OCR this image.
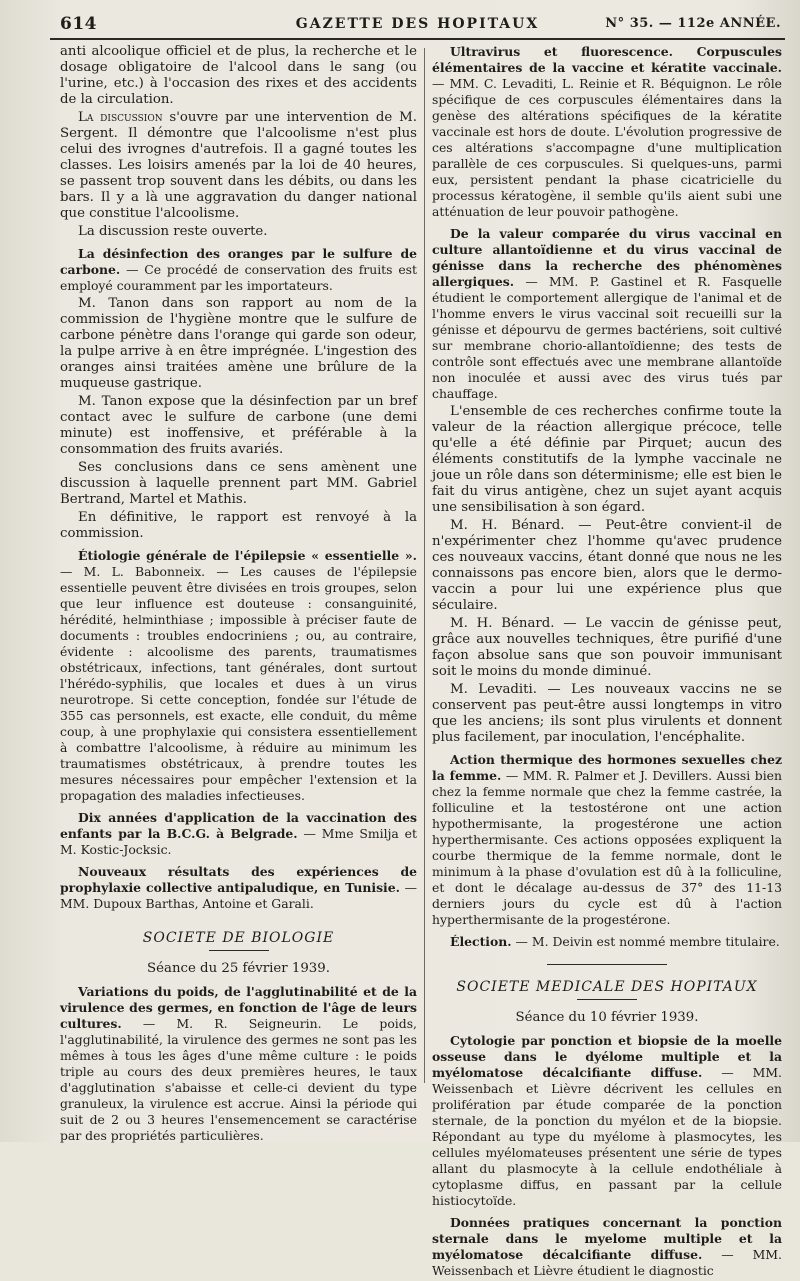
614	GAZETTE DES HOPITAUX	N° 35. — 112e ANNÉE.

anti alcoolique officiel et de plus, la recherche et le dosage obligatoire de l'alcool dans le sang (ou l'urine, etc.) à l'occasion des rixes et des accidents de la circulation.

La discussion s'ouvre par une intervention de M. Sergent. Il démontre que l'alcoolisme n'est plus celui des ivrognes d'autrefois. Il a gagné toutes les classes. Les loisirs amenés par la loi de 40 heures, se passent trop souvent dans les débits, ou dans les bars. Il y a là une aggravation du danger national que constitue l'alcoolisme.

La discussion reste ouverte.

La désinfection des oranges par le sulfure de carbone. — Ce procédé de conservation des fruits est employé couramment par les importateurs.

M. Tanon dans son rapport au nom de la commission de l'hygiène montre que le sulfure de carbone pénètre dans l'orange qui garde son odeur, la pulpe arrive à en être imprégnée. L'ingestion des oranges ainsi traitées amène une brûlure de la muqueuse gastrique.

M. Tanon expose que la désinfection par un bref contact avec le sulfure de carbone (une demi minute) est inoffensive, et préférable à la consommation des fruits avariés.

Ses conclusions dans ce sens amènent une discussion à laquelle prennent part MM. Gabriel Bertrand, Martel et Mathis.

En définitive, le rapport est renvoyé à la commission.

Étiologie générale de l'épilepsie « essentielle ». — M. L. Babonneix. — Les causes de l'épilepsie essentielle peuvent être divisées en trois groupes, selon que leur influence est douteuse : consanguinité, hérédité, helminthiase ; impossible à préciser faute de documents : troubles endocriniens ; ou, au contraire, évidente : alcoolisme des parents, traumatismes obstétricaux, infections, tant générales, dont surtout l'hérédo-syphilis, que locales et dues à un virus neurotrope. Si cette conception, fondée sur l'étude de 355 cas personnels, est exacte, elle conduit, du même coup, à une prophylaxie qui consistera essentiellement à combattre l'alcoolisme, à réduire au minimum les traumatismes obstétricaux, à prendre toutes les mesures nécessaires pour empêcher l'extension et la propagation des maladies infectieuses.

Dix années d'application de la vaccination des enfants par la B.C.G. à Belgrade. — Mme Smilja et M. Kostic-Jocksic.

Nouveaux résultats des expériences de prophylaxie collective antipaludique, en Tunisie. — MM. Dupoux Barthas, Antoine et Garali.

SOCIETE DE BIOLOGIE
Séance du 25 février 1939.

Variations du poids, de l'agglutinabilité et de la virulence des germes, en fonction de l'âge de leurs cultures. — M. R. Seigneurin. Le poids, l'agglutinabilité, la virulence des germes ne sont pas les mêmes à tous les âges d'une même culture : le poids triple au cours des deux premières heures, le taux d'agglutination s'abaisse et celle-ci devient du type granuleux, la virulence est accrue. Ainsi la période qui suit de 2 ou 3 heures l'ensemencement se caractérise par des propriétés particulières.

Ultravirus et fluorescence. Corpuscules élémentaires de la vaccine et kératite vaccinale. — MM. C. Levaditi, L. Reinie et R. Béquignon. Le rôle spécifique de ces corpuscules élémentaires dans la genèse des altérations spécifiques de la kératite vaccinale est hors de doute. L'évolution progressive de ces altérations s'accompagne d'une multiplication parallèle de ces corpuscules. Si quelques-uns, parmi eux, persistent pendant la phase cicatricielle du processus kératogène, il semble qu'ils aient subi une atténuation de leur pouvoir pathogène.

De la valeur comparée du virus vaccinal en culture allantoïdienne et du virus vaccinal de génisse dans la recherche des phénomènes allergiques. — MM. P. Gastinel et R. Fasquelle étudient le comportement allergique de l'animal et de l'homme envers le virus vaccinal soit recueilli sur la génisse et dépourvu de germes bactériens, soit cultivé sur membrane chorio-allantoïdienne; des tests de contrôle sont effectués avec une membrane allantoïde non inoculée et aussi avec des virus tués par chauffage.

L'ensemble de ces recherches confirme toute la valeur de la réaction allergique précoce, telle qu'elle a été définie par Pirquet; aucun des éléments constitutifs de la lymphe vaccinale ne joue un rôle dans son déterminisme; elle est bien le fait du virus antigène, chez un sujet ayant acquis une sensibilisation à son égard.

M. H. Bénard. — Peut-être convient-il de n'expérimenter chez l'homme qu'avec prudence ces nouveaux vaccins, étant donné que nous ne les connaissons pas encore bien, alors que le dermo-vaccin a pour lui une expérience plus que séculaire.

M. H. Bénard. — Le vaccin de génisse peut, grâce aux nouvelles techniques, être purifié d'une façon absolue sans que son pouvoir immunisant soit le moins du monde diminué.

M. Levaditi. — Les nouveaux vaccins ne se conservent pas peut-être aussi longtemps in vitro que les anciens; ils sont plus virulents et donnent plus facilement, par inoculation, l'encéphalite.

Action thermique des hormones sexuelles chez la femme. — MM. R. Palmer et J. Devillers. Aussi bien chez la femme normale que chez la femme castrée, la folliculine et la testostérone ont une action hypothermisante, la progestérone une action hyperthermisante. Ces actions opposées expliquent la courbe thermique de la femme normale, dont le minimum à la phase d'ovulation est dû à la folliculine, et dont le décalage au-dessus de 37° des 11-13 derniers jours du cycle est dû à l'action hyperthermisante de la progestérone.

Élection. — M. Deivin est nommé membre titulaire.

SOCIETE MEDICALE DES HOPITAUX
Séance du 10 février 1939.

Cytologie par ponction et biopsie de la moelle osseuse dans le dyélome multiple et la myélomatose décalcifiante diffuse. — MM. Weissenbach et Lièvre décrivent les cellules en prolifération par étude comparée de la ponction sternale, de la ponction du myélon et de la biopsie. Répondant au type du myélome à plasmocytes, les cellules myélomateuses présentent une série de types allant du plasmocyte à la cellule endothéliale à cytoplasme diffus, en passant par la cellule histiocytoïde.

Données pratiques concernant la ponction sternale dans le myelome multiple et la myélomatose décalcifiante diffuse. — MM. Weissenbach et Lièvre étudient le diagnostic
